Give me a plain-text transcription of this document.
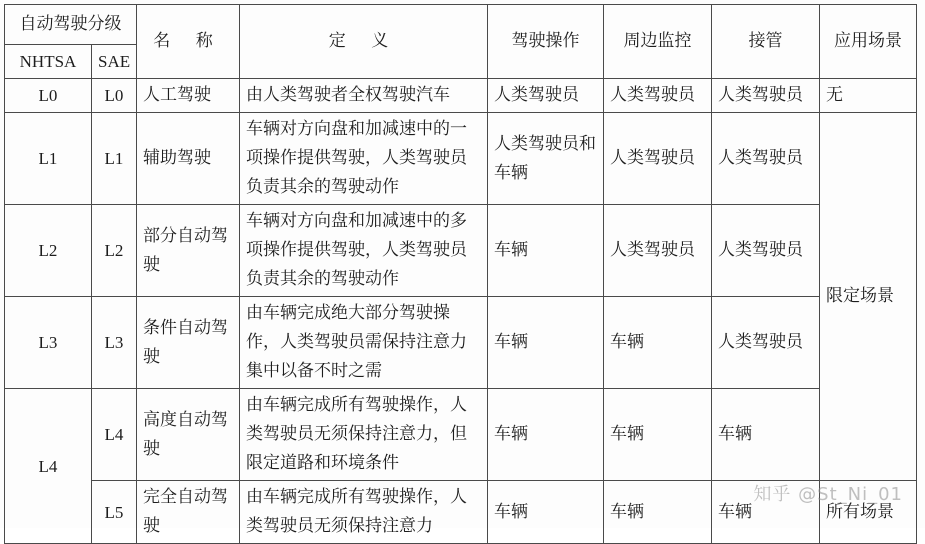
自动驾驶分级		名 称	定 义	驾驶操作	周边监控	接管	应用场景
NHTSA	SAE						
L0	L0	人工驾驶	由人类驾驶者全权驾驶汽车	人类驾驶员	人类驾驶员	人类驾驶员	无
L1	L1	辅助驾驶	车辆对方向盘和加减速中的一项操作提供驾驶，人类驾驶员负责其余的驾驶动作	人类驾驶员和车辆	人类驾驶员	人类驾驶员	限定场景
L2	L2	部分自动驾驶	车辆对方向盘和加减速中的多项操作提供驾驶，人类驾驶员负责其余的驾驶动作	车辆	人类驾驶员	人类驾驶员	
L3	L3	条件自动驾驶	由车辆完成绝大部分驾驶操作，人类驾驶员需保持注意力集中以备不时之需	车辆	车辆	人类驾驶员	
L4	L4	高度自动驾驶	由车辆完成所有驾驶操作，人类驾驶员无须保持注意力，但限定道路和环境条件	车辆	车辆	车辆	
	L5	完全自动驾驶	由车辆完成所有驾驶操作，人类驾驶员无须保持注意力	车辆	车辆	车辆	所有场景
知乎 @St_Ni_01
